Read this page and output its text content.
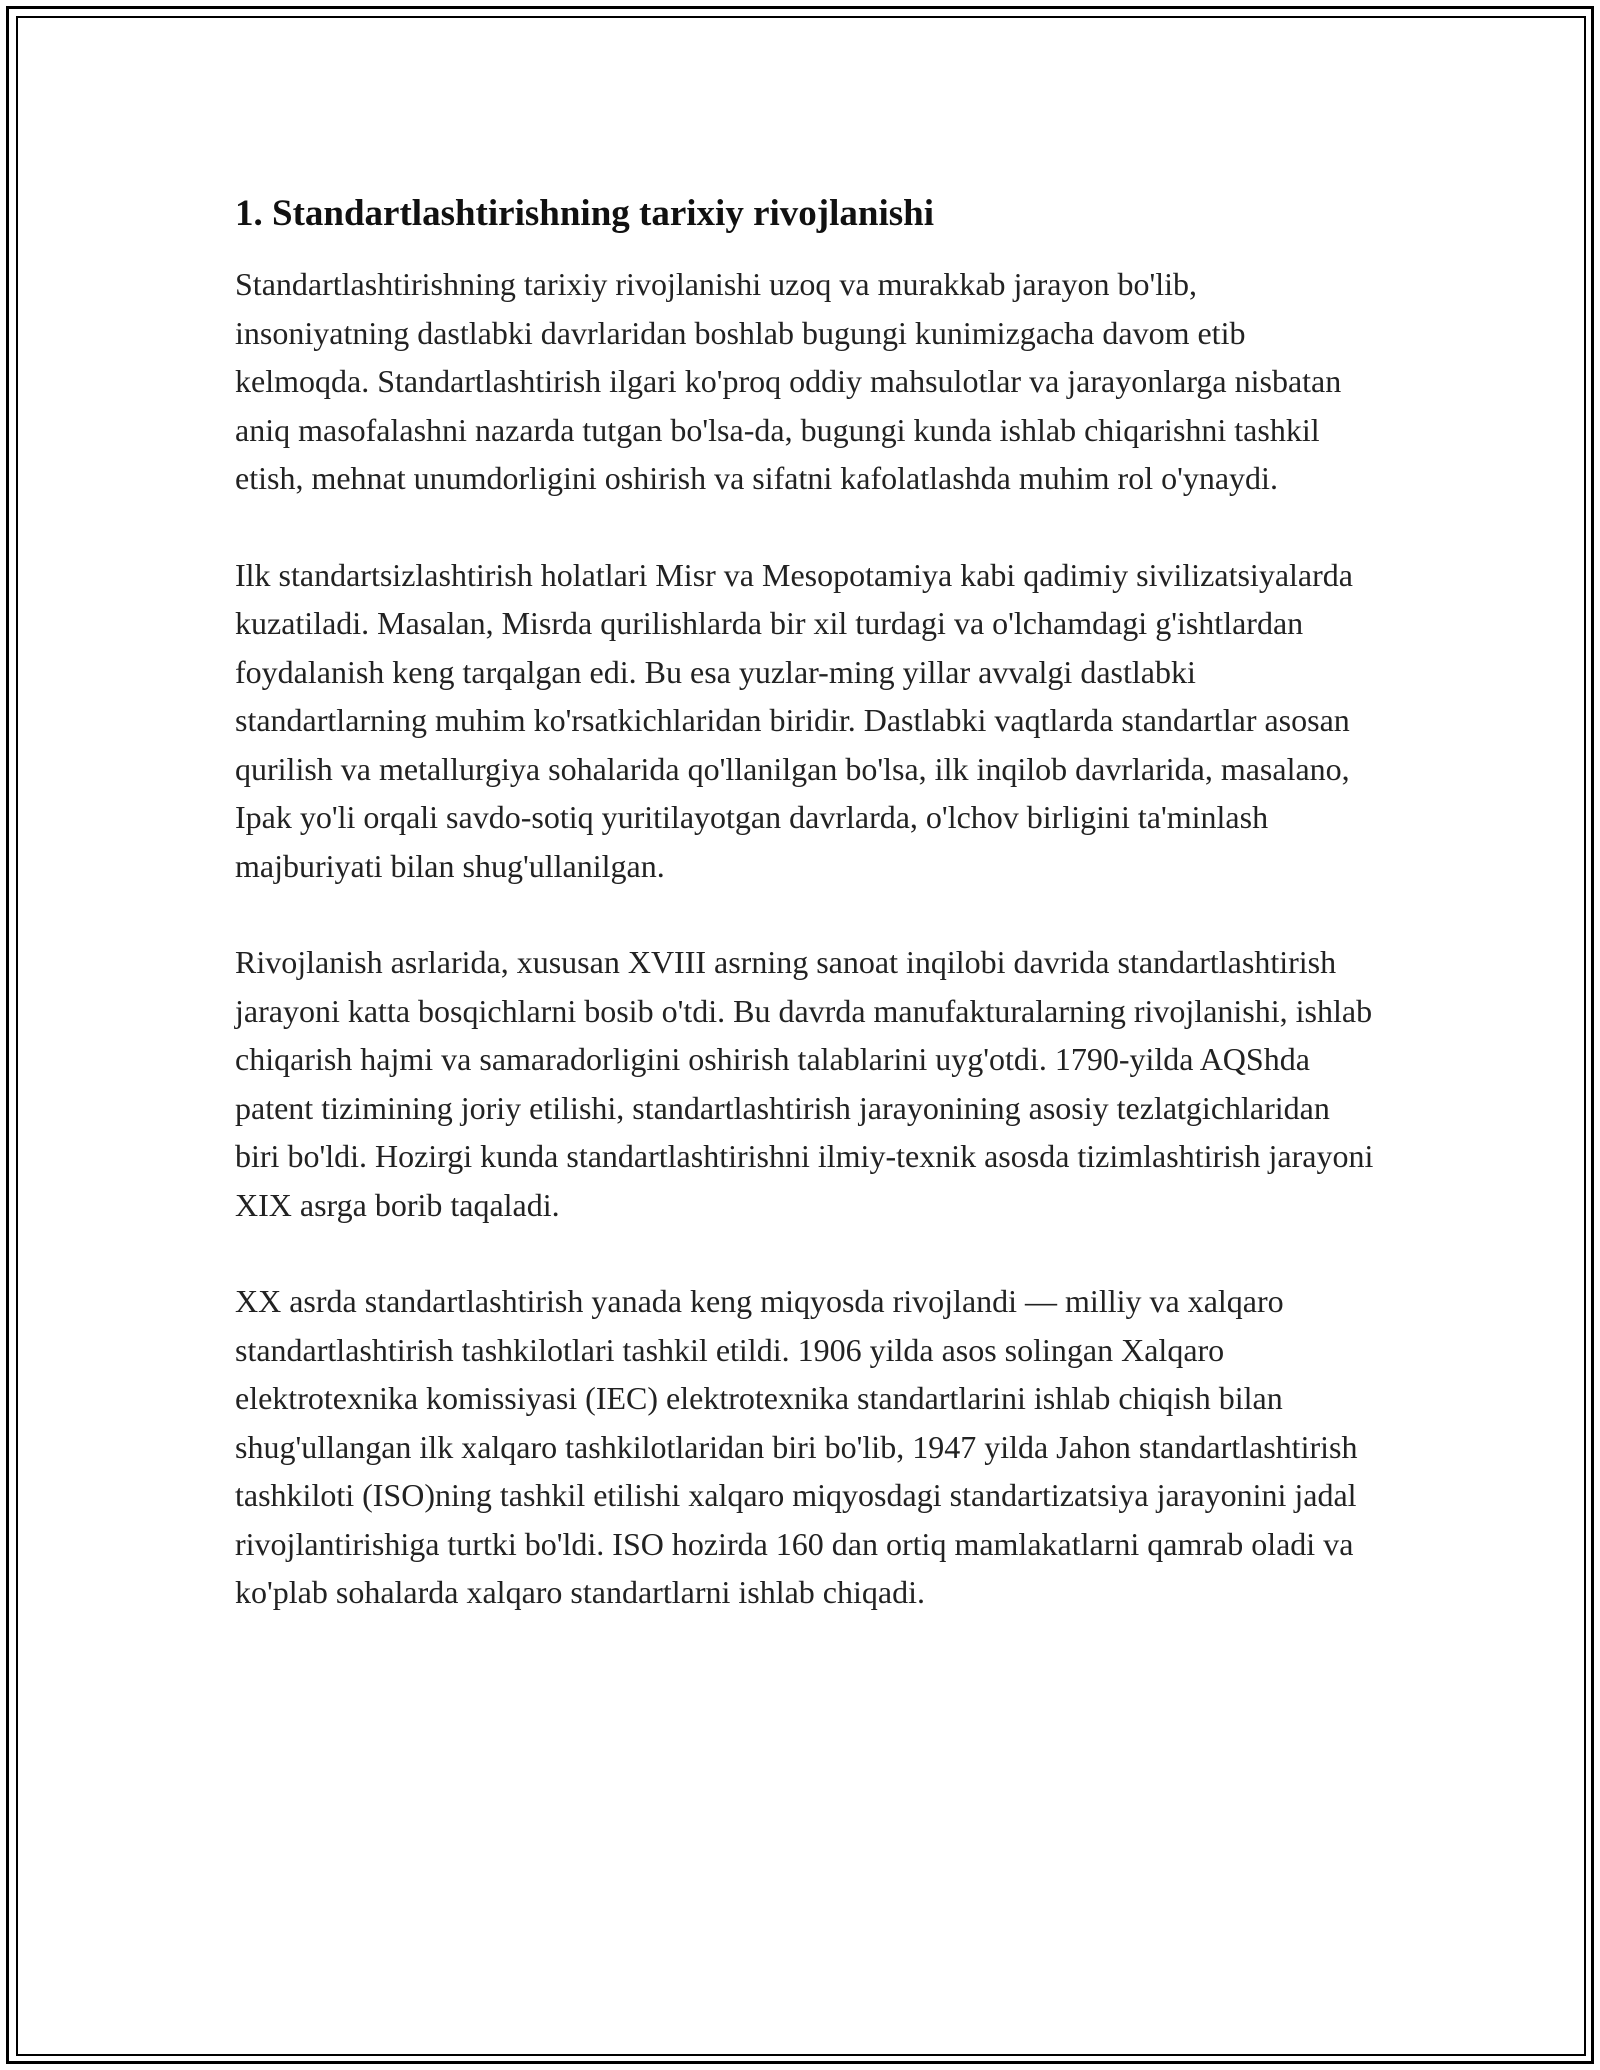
1. Standartlashtirishning tarixiy rivojlanishi

Standartlashtirishning tarixiy rivojlanishi uzoq va murakkab jarayon bo'lib, insoniyatning dastlabki davrlaridan boshlab bugungi kunimizgacha davom etib kelmoqda. Standartlashtirish ilgari ko'proq oddiy mahsulotlar va jarayonlarga nisbatan aniq masofalashni nazarda tutgan bo'lsa-da, bugungi kunda ishlab chiqarishni tashkil etish, mehnat unumdorligini oshirish va sifatni kafolatlashda muhim rol o'ynaydi.

Ilk standartsizlashtirish holatlari Misr va Mesopotamiya kabi qadimiy sivilizatsiyalarda kuzatiladi. Masalan, Misrda qurilishlarda bir xil turdagi va o'lchamdagi g'ishtlardan foydalanish keng tarqalgan edi. Bu esa yuzlar-ming yillar avvalgi dastlabki standartlarning muhim ko'rsatkichlaridan biridir. Dastlabki vaqtlarda standartlar asosan qurilish va metallurgiya sohalarida qo'llanilgan bo'lsa, ilk inqilob davrlarida, masalano, Ipak yo'li orqali savdo-sotiq yuritilayotgan davrlarda, o'lchov birligini ta'minlash majburiyati bilan shug'ullanilgan.

Rivojlanish asrlarida, xususan XVIII asrning sanoat inqilobi davrida standartlashtirish jarayoni katta bosqichlarni bosib o'tdi. Bu davrda manufakturalarning rivojlanishi, ishlab chiqarish hajmi va samaradorligini oshirish talablarini uyg'otdi. 1790-yilda AQShda patent tizimining joriy etilishi, standartlashtirish jarayonining asosiy tezlatgichlaridan biri bo'ldi. Hozirgi kunda standartlashtirishni ilmiy-texnik asosda tizimlashtirish jarayoni XIX asrga borib taqaladi.

XX asrda standartlashtirish yanada keng miqyosda rivojlandi — milliy va xalqaro standartlashtirish tashkilotlari tashkil etildi. 1906 yilda asos solingan Xalqaro elektrotexnika komissiyasi (IEC) elektrotexnika standartlarini ishlab chiqish bilan shug'ullangan ilk xalqaro tashkilotlaridan biri bo'lib, 1947 yilda Jahon standartlashtirish tashkiloti (ISO)ning tashkil etilishi xalqaro miqyosdagi standartizatsiya jarayonini jadal rivojlantirishiga turtki bo'ldi. ISO hozirda 160 dan ortiq mamlakatlarni qamrab oladi va ko'plab sohalarda xalqaro standartlarni ishlab chiqadi.
